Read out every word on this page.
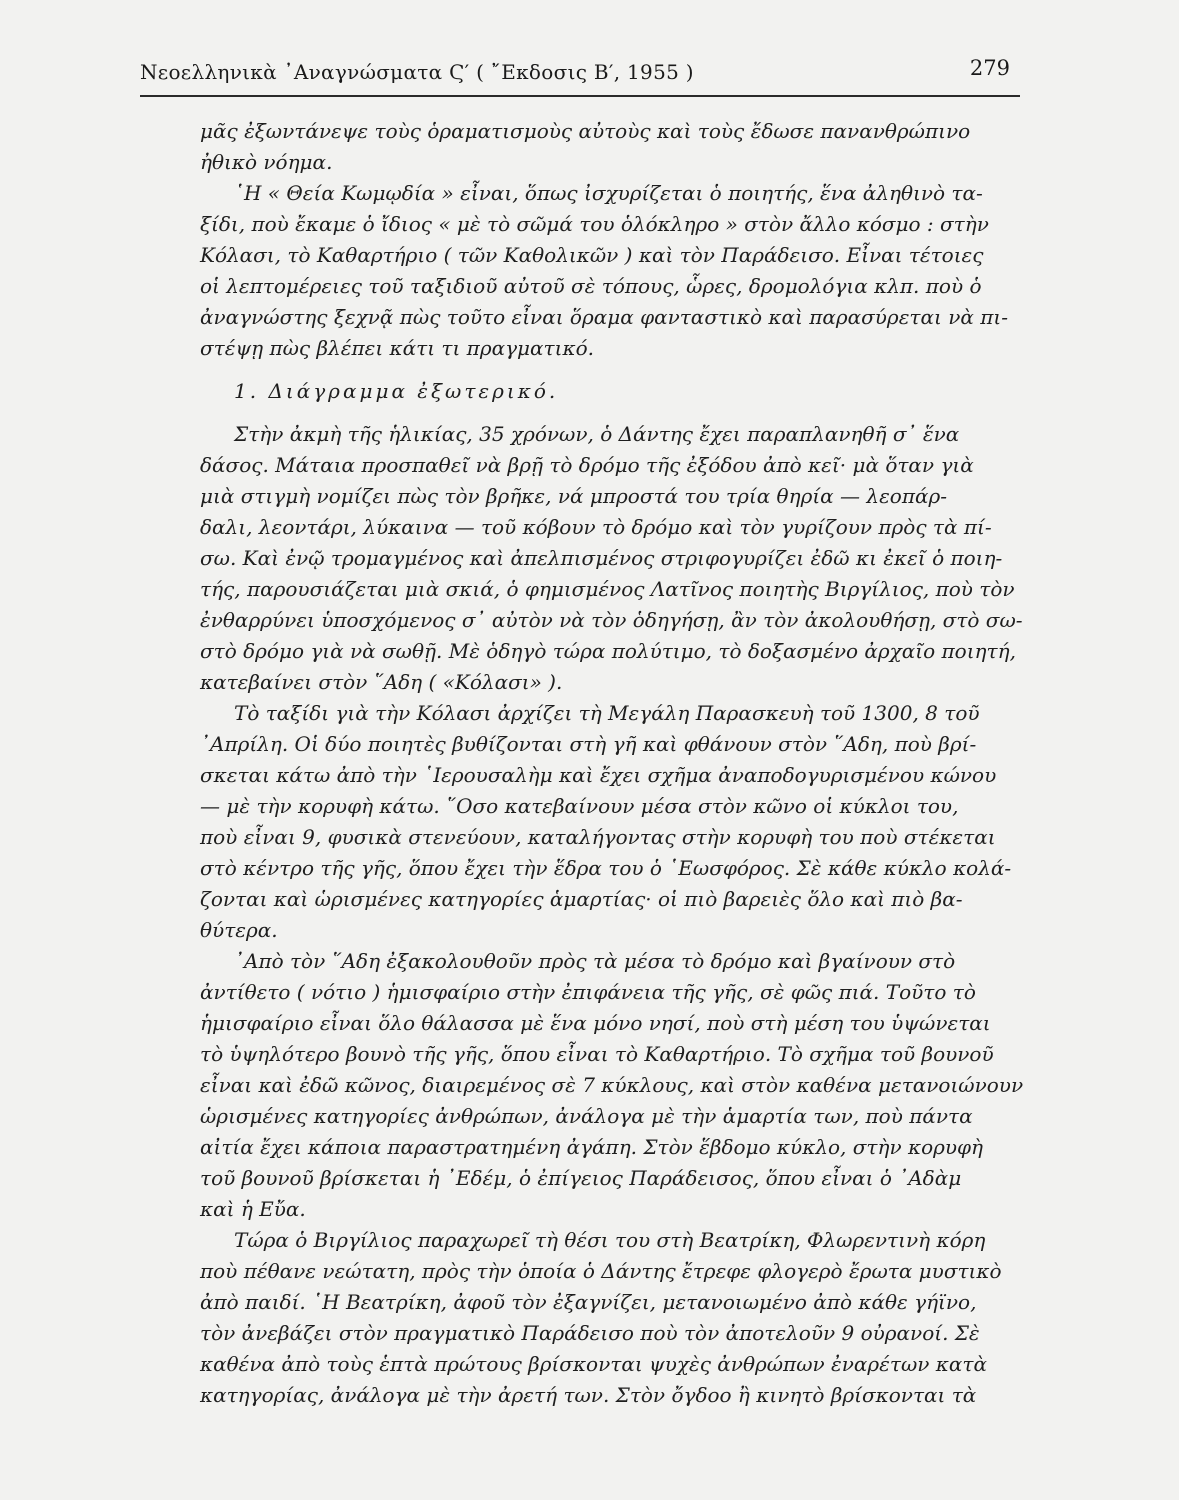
Νεοελληνικὰ ᾿Αναγνώσματα Ϛ′ ( ῎Εκδοσις Β′, 1955 )	279
μᾶς ἐξωντάνεψε τοὺς ὁραματισμοὺς αὐτοὺς καὶ τοὺς ἔδωσε πανανθρώπινο
ἠθικὸ νόημα.
῾Η « Θεία Κωμῳδία » εἶναι, ὅπως ἰσχυρίζεται ὁ ποιητής, ἕνα ἀληθινὸ τα-
ξίδι, ποὺ ἔκαμε ὁ ἴδιος « μὲ τὸ σῶμά του ὁλόκληρο » στὸν ἄλλο κόσμο : στὴν
Κόλασι, τὸ Καθαρτήριο ( τῶν Καθολικῶν ) καὶ τὸν Παράδεισο. Εἶναι τέτοιες
οἱ λεπτομέρειες τοῦ ταξιδιοῦ αὐτοῦ σὲ τόπους, ὧρες, δρομολόγια κλπ. ποὺ ὁ
ἀναγνώστης ξεχνᾷ πὼς τοῦτο εἶναι ὅραμα φανταστικὸ καὶ παρασύρεται νὰ πι-
στέψῃ πὼς βλέπει κάτι τι πραγματικό.
1. Διάγραμμα ἐξωτερικό.
Στὴν ἀκμὴ τῆς ἡλικίας, 35 χρόνων, ὁ Δάντης ἔχει παραπλανηθῆ σ᾿ ἕνα
δάσος. Μάταια προσπαθεῖ νὰ βρῇ τὸ δρόμο τῆς ἐξόδου ἀπὸ κεῖ· μὰ ὅταν γιὰ
μιὰ στιγμὴ νομίζει πὼς τὸν βρῆκε, νά μπροστά του τρία θηρία — λεοπάρ-
δαλι, λεοντάρι, λύκαινα — τοῦ κόβουν τὸ δρόμο καὶ τὸν γυρίζουν πρὸς τὰ πί-
σω. Καὶ ἐνῷ τρομαγμένος καὶ ἀπελπισμένος στριφογυρίζει ἐδῶ κι ἐκεῖ ὁ ποιη-
τής, παρουσιάζεται μιὰ σκιά, ὁ φημισμένος Λατῖνος ποιητὴς Βιργίλιος, ποὺ τὸν
ἐνθαρρύνει ὑποσχόμενος σ᾿ αὐτὸν νὰ τὸν ὁδηγήσῃ, ἂν τὸν ἀκολουθήσῃ, στὸ σω-
στὸ δρόμο γιὰ νὰ σωθῇ. Μὲ ὁδηγὸ τώρα πολύτιμο, τὸ δοξασμένο ἀρχαῖο ποιητή,
κατεβαίνει στὸν ῞Αδη ( «Κόλασι» ).
Τὸ ταξίδι γιὰ τὴν Κόλασι ἀρχίζει τὴ Μεγάλη Παρασκευὴ τοῦ 1300, 8 τοῦ
᾿Απρίλη. Οἱ δύο ποιητὲς βυθίζονται στὴ γῆ καὶ φθάνουν στὸν ῞Αδη, ποὺ βρί-
σκεται κάτω ἀπὸ τὴν ῾Ιερουσαλὴμ καὶ ἔχει σχῆμα ἀναποδογυρισμένου κώνου
— μὲ τὴν κορυφὴ κάτω. ῞Οσο κατεβαίνουν μέσα στὸν κῶνο οἱ κύκλοι του,
ποὺ εἶναι 9, φυσικὰ στενεύουν, καταλήγοντας στὴν κορυφὴ του ποὺ στέκεται
στὸ κέντρο τῆς γῆς, ὅπου ἔχει τὴν ἕδρα του ὁ ῾Εωσφόρος. Σὲ κάθε κύκλο κολά-
ζονται καὶ ὡρισμένες κατηγορίες ἁμαρτίας· οἱ πιὸ βαρειὲς ὅλο καὶ πιὸ βα-
θύτερα.
᾿Απὸ τὸν ῞Αδη ἐξακολουθοῦν πρὸς τὰ μέσα τὸ δρόμο καὶ βγαίνουν στὸ
ἀντίθετο ( νότιο ) ἡμισφαίριο στὴν ἐπιφάνεια τῆς γῆς, σὲ φῶς πιά. Τοῦτο τὸ
ἡμισφαίριο εἶναι ὅλο θάλασσα μὲ ἕνα μόνο νησί, ποὺ στὴ μέση του ὑψώνεται
τὸ ὑψηλότερο βουνὸ τῆς γῆς, ὅπου εἶναι τὸ Καθαρτήριο. Τὸ σχῆμα τοῦ βουνοῦ
εἶναι καὶ ἐδῶ κῶνος, διαιρεμένος σὲ 7 κύκλους, καὶ στὸν καθένα μετανοιώνουν
ὡρισμένες κατηγορίες ἀνθρώπων, ἀνάλογα μὲ τὴν ἁμαρτία των, ποὺ πάντα
αἰτία ἔχει κάποια παραστρατημένη ἀγάπη. Στὸν ἕβδομο κύκλο, στὴν κορυφὴ
τοῦ βουνοῦ βρίσκεται ἡ ᾿Εδέμ, ὁ ἐπίγειος Παράδεισος, ὅπου εἶναι ὁ ᾿Αδὰμ
καὶ ἡ Εὔα.
Τώρα ὁ Βιργίλιος παραχωρεῖ τὴ θέσι του στὴ Βεατρίκη, Φλωρεντινὴ κόρη
ποὺ πέθανε νεώτατη, πρὸς τὴν ὁποία ὁ Δάντης ἔτρεφε φλογερὸ ἔρωτα μυστικὸ
ἀπὸ παιδί. ῾Η Βεατρίκη, ἀφοῦ τὸν ἐξαγνίζει, μετανοιωμένο ἀπὸ κάθε γήϊνο,
τὸν ἀνεβάζει στὸν πραγματικὸ Παράδεισο ποὺ τὸν ἀποτελοῦν 9 οὐρανοί. Σὲ
καθένα ἀπὸ τοὺς ἑπτὰ πρώτους βρίσκονται ψυχὲς ἀνθρώπων ἐναρέτων κατὰ
κατηγορίας, ἀνάλογα μὲ τὴν ἀρετή των. Στὸν ὄγδοο ἢ κινητὸ βρίσκονται τὰ
